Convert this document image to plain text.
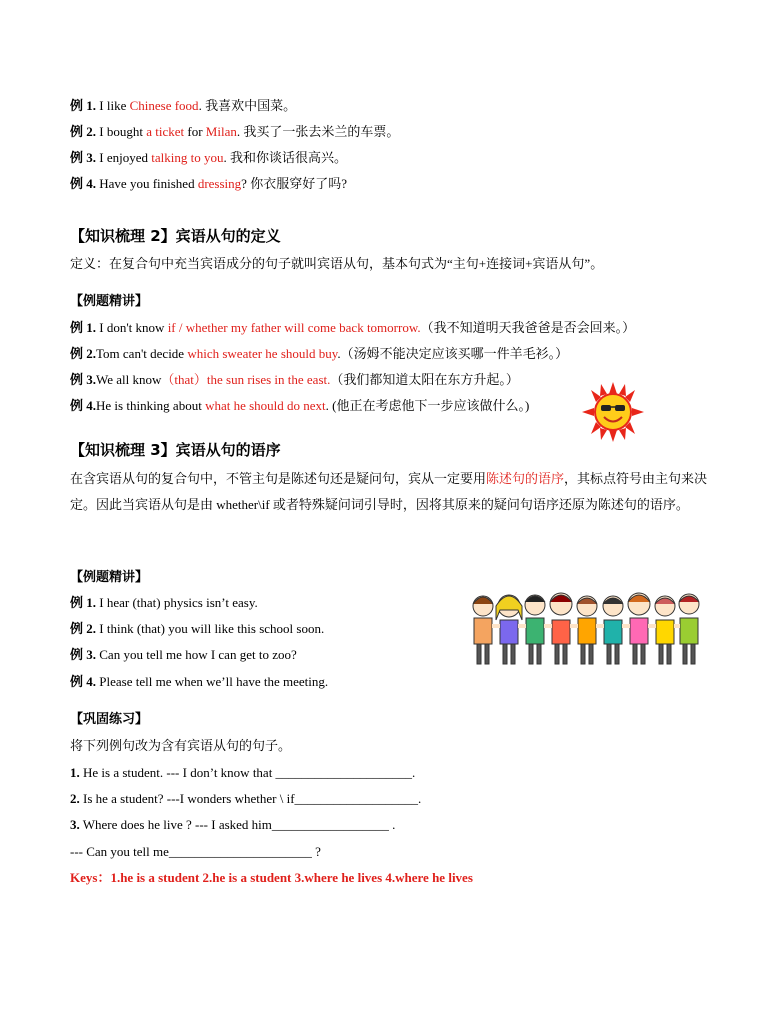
例 1. I like Chinese food. 我喜欢中国菜。
例 2. I bought a ticket for Milan. 我买了一张去米兰的车票。
例 3. I enjoyed talking to you. 我和你谈话很高兴。
例 4. Have you finished dressing? 你衣服穿好了吗?
【知识梳理 2】宾语从句的定义
定义：在复合句中充当宾语成分的句子就叫宾语从句，基本句式为“主句+连接词+宾语从句”。
【例题精讲】
例 1. I don't know if / whether my father will come back tomorrow.（我不知道明天我爸爸是否会回来。）
例 2.Tom can't decide which sweater he should buy.（汤姆不能决定应该买哪一件羊毛衫。）
例 3.We all know（that）the sun rises in the east.（我们都知道太阳在东方升起。）
例 4.He is thinking about what he should do next. (他正在考虑他下一步应该做什么。)
【知识梳理 3】宾语从句的语序
在含宾语从句的复合句中，不管主句是陈述句还是疑问句，宾从一定要用陈述句的语序，其标点符号由主句来决定。因此当宾语从句是由 whether\if 或者特殊疑问词引导时，因将其原来的疑问句语序还原为陈述句的语序。
【例题精讲】
例 1. I hear (that) physics isn’t easy.
例 2. I think (that) you will like this school soon.
例 3. Can you tell me how I can get to zoo?
例 4. Please tell me when we’ll have the meeting.
【巩固练习】
将下列例句改为含有宾语从句的句子。
1. He is a student. --- I don’t know that _____________________.
2. Is he a student? ---I wonders whether \ if___________________.
3. Where does he live ? --- I asked him__________________ .
--- Can you tell me______________________ ?
Keys：1.he is a student 2.he is a student 3.where he lives 4.where he lives
